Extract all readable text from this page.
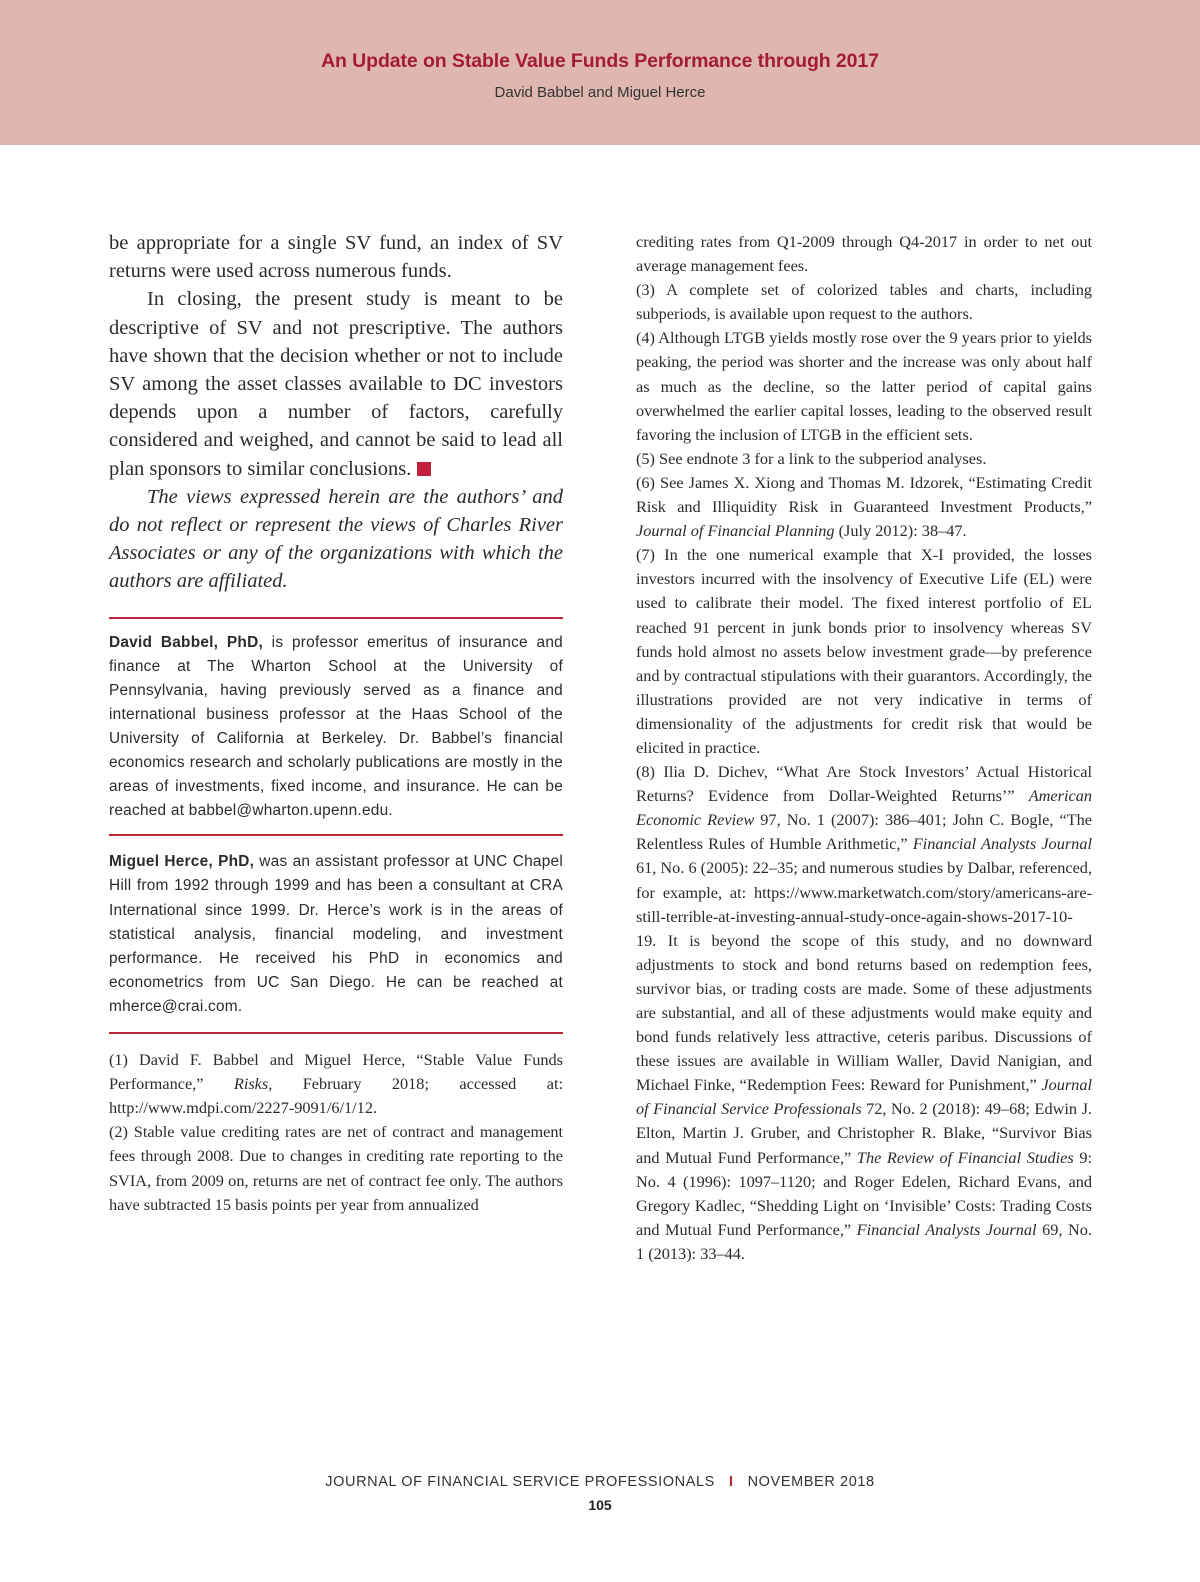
An Update on Stable Value Funds Performance through 2017
David Babbel and Miguel Herce

be appropriate for a single SV fund, an index of SV returns were used across numerous funds.

In closing, the present study is meant to be descriptive of SV and not prescriptive. The authors have shown that the decision whether or not to include SV among the asset classes available to DC investors depends upon a number of factors, carefully considered and weighed, and cannot be said to lead all plan sponsors to similar conclusions.

The views expressed herein are the authors’ and do not reflect or represent the views of Charles River Associates or any of the organizations with which the authors are affiliated.

David Babbel, PhD, is professor emeritus of insurance and finance at The Wharton School at the University of Pennsylvania, having previously served as a finance and international business professor at the Haas School of the University of California at Berkeley. Dr. Babbel’s financial economics research and scholarly publications are mostly in the areas of investments, fixed income, and insurance. He can be reached at babbel@wharton.upenn.edu.

Miguel Herce, PhD, was an assistant professor at UNC Chapel Hill from 1992 through 1999 and has been a consultant at CRA International since 1999. Dr. Herce’s work is in the areas of statistical analysis, financial modeling, and investment performance. He received his PhD in economics and econometrics from UC San Diego. He can be reached at mherce@crai.com.

(1) David F. Babbel and Miguel Herce, “Stable Value Funds Performance,” Risks, February 2018; accessed at: http://www.mdpi.com/2227-9091/6/1/12.

(2) Stable value crediting rates are net of contract and management fees through 2008. Due to changes in crediting rate reporting to the SVIA, from 2009 on, returns are net of contract fee only. The authors have subtracted 15 basis points per year from annualized

crediting rates from Q1-2009 through Q4-2017 in order to net out average management fees.

(3) A complete set of colorized tables and charts, including subperiods, is available upon request to the authors.

(4) Although LTGB yields mostly rose over the 9 years prior to yields peaking, the period was shorter and the increase was only about half as much as the decline, so the latter period of capital gains overwhelmed the earlier capital losses, leading to the observed result favoring the inclusion of LTGB in the efficient sets.

(5) See endnote 3 for a link to the subperiod analyses.

(6) See James X. Xiong and Thomas M. Idzorek, “Estimating Credit Risk and Illiquidity Risk in Guaranteed Investment Products,” Journal of Financial Planning (July 2012): 38–47.

(7) In the one numerical example that X-I provided, the losses investors incurred with the insolvency of Executive Life (EL) were used to calibrate their model. The fixed interest portfolio of EL reached 91 percent in junk bonds prior to insolvency whereas SV funds hold almost no assets below investment grade—by preference and by contractual stipulations with their guarantors. Accordingly, the illustrations provided are not very indicative in terms of dimensionality of the adjustments for credit risk that would be elicited in practice.

(8) Ilia D. Dichev, “What Are Stock Investors’ Actual Historical Returns? Evidence from Dollar-Weighted Returns’” American Economic Review 97, No. 1 (2007): 386–401; John C. Bogle, “The Relentless Rules of Humble Arithmetic,” Financial Analysts Journal 61, No. 6 (2005): 22–35; and numerous studies by Dalbar, referenced, for example, at: https://www.marketwatch.com/story/americans-are-still-terrible-at-investing-annual-study-once-again-shows-2017-10-19. It is beyond the scope of this study, and no downward adjustments to stock and bond returns based on redemption fees, survivor bias, or trading costs are made. Some of these adjustments are substantial, and all of these adjustments would make equity and bond funds relatively less attractive, ceteris paribus. Discussions of these issues are available in William Waller, David Nanigian, and Michael Finke, “Redemption Fees: Reward for Punishment,” Journal of Financial Service Professionals 72, No. 2 (2018): 49–68; Edwin J. Elton, Martin J. Gruber, and Christopher R. Blake, “Survivor Bias and Mutual Fund Performance,” The Review of Financial Studies 9: No. 4 (1996): 1097–1120; and Roger Edelen, Richard Evans, and Gregory Kadlec, “Shedding Light on ‘Invisible’ Costs: Trading Costs and Mutual Fund Performance,” Financial Analysts Journal 69, No. 1 (2013): 33–44.

JOURNAL OF FINANCIAL SERVICE PROFESSIONALS I NOVEMBER 2018
105
